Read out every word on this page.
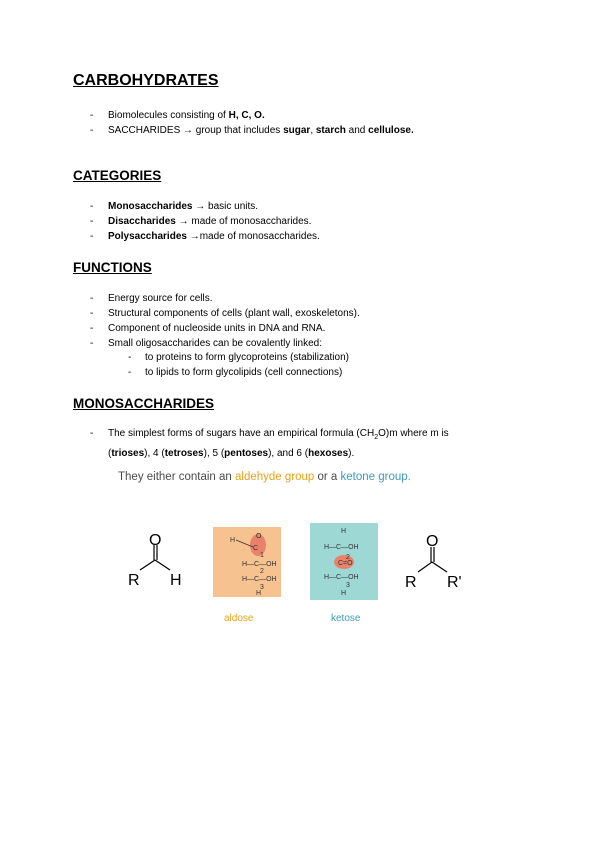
CARBOHYDRATES
- Biomolecules consisting of H, C, O.
- SACCHARIDES → group that includes sugar, starch and cellulose.
CATEGORIES
- Monosaccharides → basic units.
- Disaccharides → made of monosaccharides.
- Polysaccharides →made of monosaccharides.
FUNCTIONS
- Energy source for cells.
- Structural components of cells (plant wall, exoskeletons).
- Component of nucleoside units in DNA and RNA.
- Small oligosaccharides can be covalently linked:
- to proteins to form glycoproteins (stabilization)
- to lipids to form glycolipids (cell connections)
MONOSACCHARIDES
- The simplest forms of sugars have an empirical formula $(CH_2O)m$ where m is
(trioses), 4 (tetroses), 5 (pentoses), and 6 (hexoses).
They either contain an aldehyde group or a ketone group.
O
R H
H
C
O
1
H—C—OH
2
H—C—OH
3
H
H
H—C—OH
2
C=O
H—C—OH
3
H
O
R R'
aldose	ketose
